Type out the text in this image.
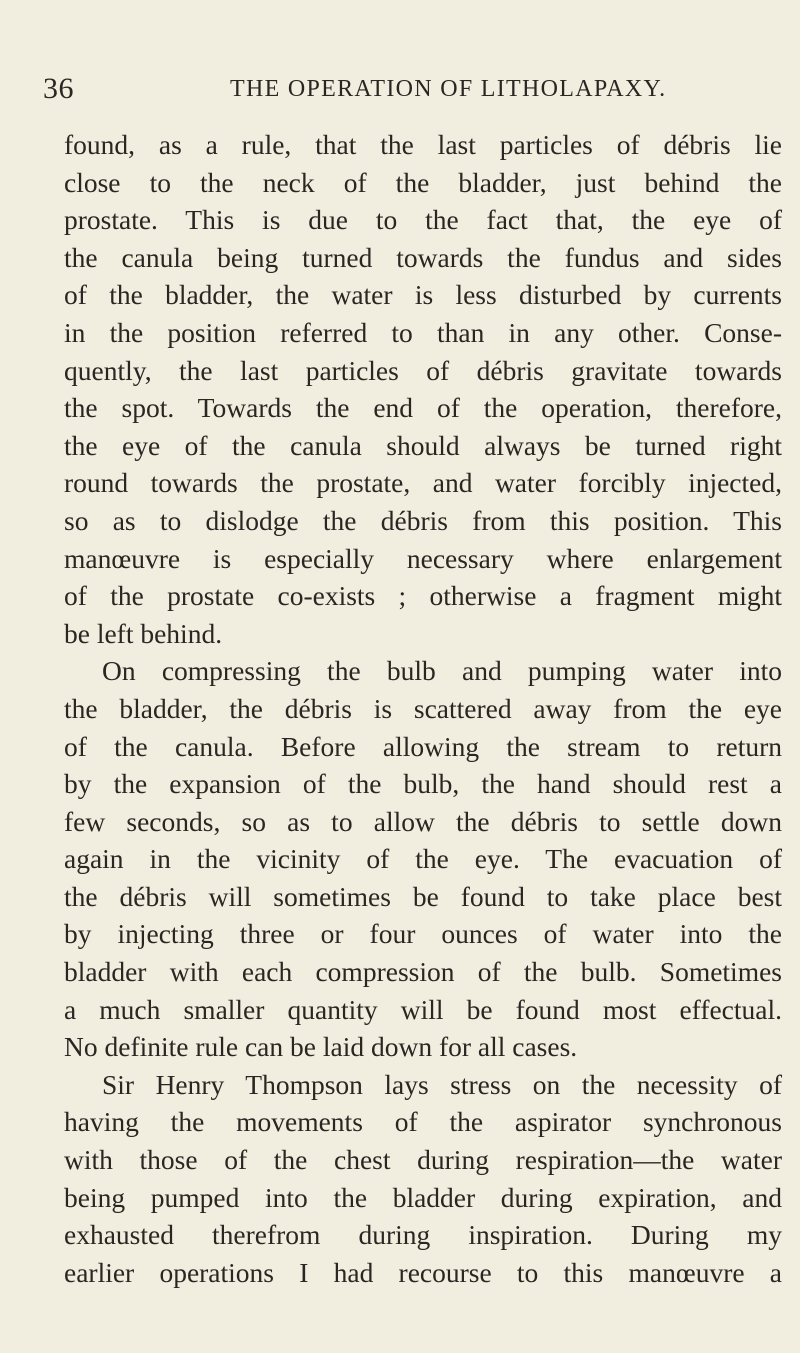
36	THE OPERATION OF LITHOLAPAXY.
found, as a rule, that the last particles of débris lie
close to the neck of the bladder, just behind the
prostate. This is due to the fact that, the eye of
the canula being turned towards the fundus and sides
of the bladder, the water is less disturbed by currents
in the position referred to than in any other. Conse-
quently, the last particles of débris gravitate towards
the spot. Towards the end of the operation, therefore,
the eye of the canula should always be turned right
round towards the prostate, and water forcibly injected,
so as to dislodge the débris from this position. This
manœuvre is especially necessary where enlargement
of the prostate co-exists ; otherwise a fragment might
be left behind.
On compressing the bulb and pumping water into
the bladder, the débris is scattered away from the eye
of the canula. Before allowing the stream to return
by the expansion of the bulb, the hand should rest a
few seconds, so as to allow the débris to settle down
again in the vicinity of the eye. The evacuation of
the débris will sometimes be found to take place best
by injecting three or four ounces of water into the
bladder with each compression of the bulb. Sometimes
a much smaller quantity will be found most effectual.
No definite rule can be laid down for all cases.
Sir Henry Thompson lays stress on the necessity of
having the movements of the aspirator synchronous
with those of the chest during respiration—the water
being pumped into the bladder during expiration, and
exhausted therefrom during inspiration. During my
earlier operations I had recourse to this manœuvre a
